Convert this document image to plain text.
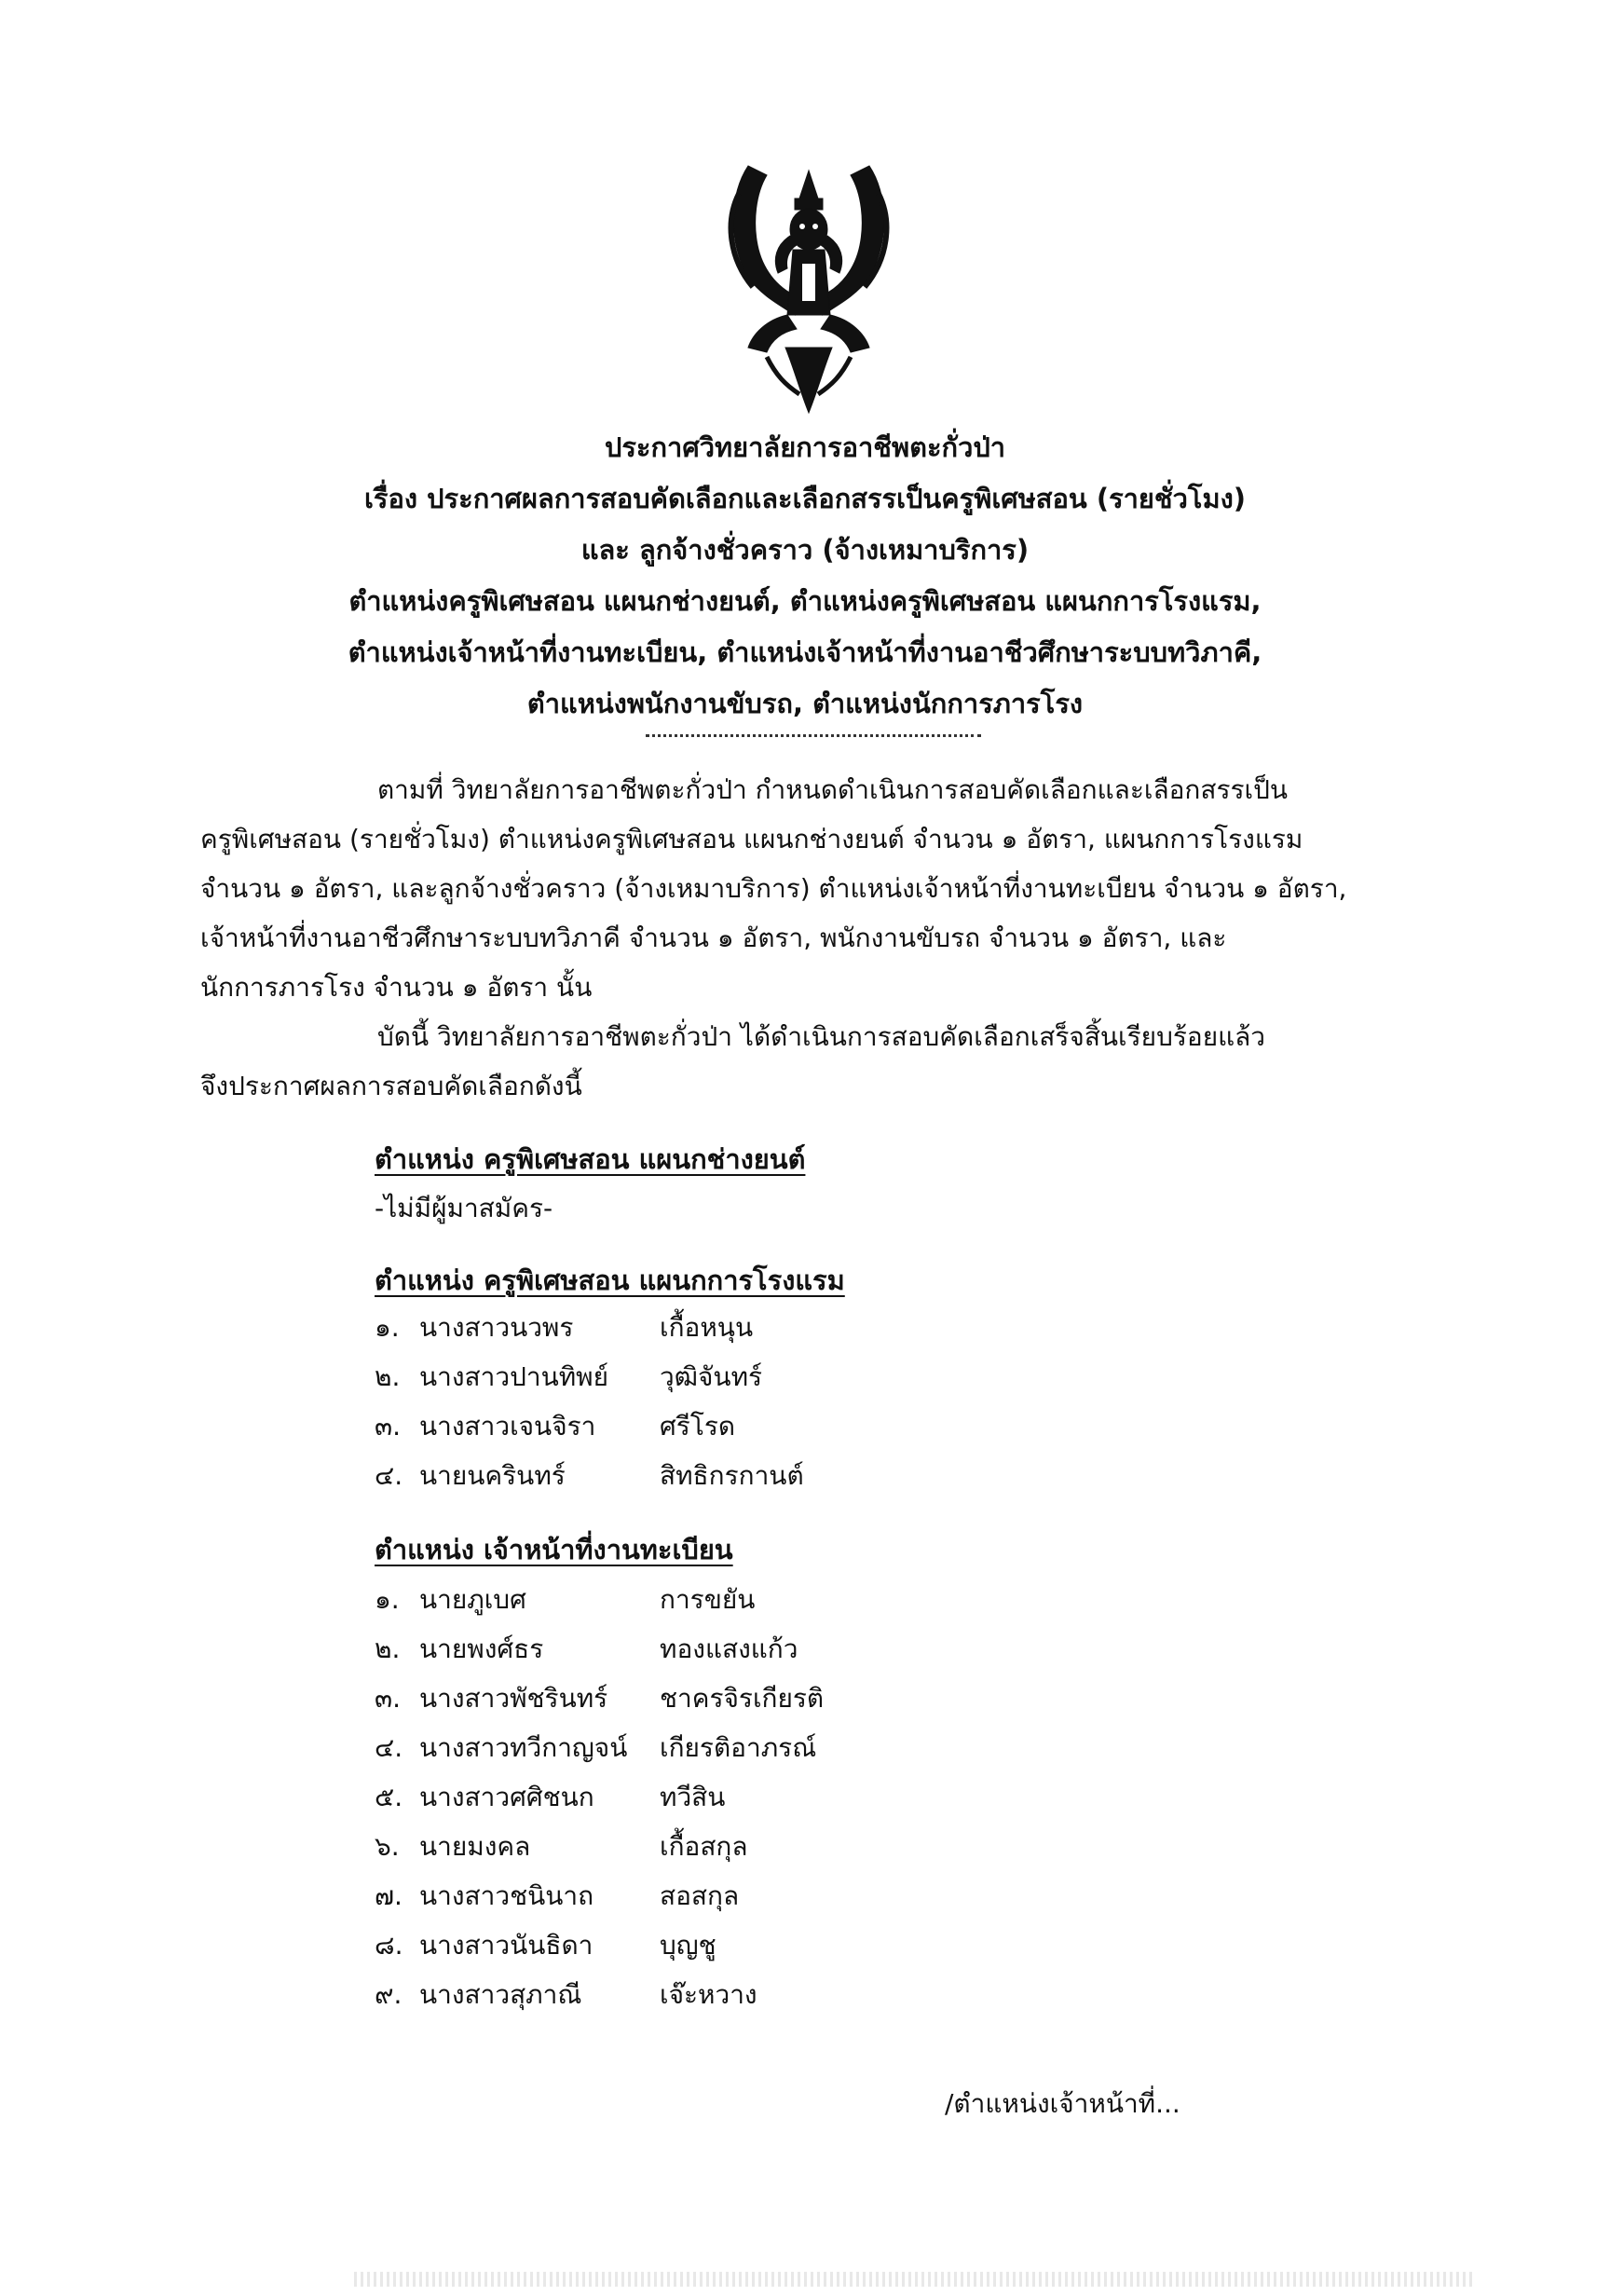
ประกาศวิทยาลัยการอาชีพตะกั่วป่า
เรื่อง ประกาศผลการสอบคัดเลือกและเลือกสรรเป็นครูพิเศษสอน (รายชั่วโมง)
และ ลูกจ้างชั่วคราว (จ้างเหมาบริการ)
ตำแหน่งครูพิเศษสอน แผนกช่างยนต์, ตำแหน่งครูพิเศษสอน แผนกการโรงแรม,
ตำแหน่งเจ้าหน้าที่งานทะเบียน, ตำแหน่งเจ้าหน้าที่งานอาชีวศึกษาระบบทวิภาคี,
ตำแหน่งพนักงานขับรถ, ตำแหน่งนักการภารโรง
ตามที่ วิทยาลัยการอาชีพตะกั่วป่า กำหนดดำเนินการสอบคัดเลือกและเลือกสรรเป็น
ครูพิเศษสอน (รายชั่วโมง) ตำแหน่งครูพิเศษสอน แผนกช่างยนต์ จำนวน ๑ อัตรา, แผนกการโรงแรม
จำนวน ๑ อัตรา, และลูกจ้างชั่วคราว (จ้างเหมาบริการ) ตำแหน่งเจ้าหน้าที่งานทะเบียน จำนวน ๑ อัตรา,
เจ้าหน้าที่งานอาชีวศึกษาระบบทวิภาคี จำนวน ๑ อัตรา, พนักงานขับรถ จำนวน ๑ อัตรา, และ
นักการภารโรง จำนวน ๑ อัตรา นั้น
บัดนี้ วิทยาลัยการอาชีพตะกั่วป่า ได้ดำเนินการสอบคัดเลือกเสร็จสิ้นเรียบร้อยแล้ว
จึงประกาศผลการสอบคัดเลือกดังนี้
ตำแหน่ง ครูพิเศษสอน แผนกช่างยนต์
-ไม่มีผู้มาสมัคร-
ตำแหน่ง ครูพิเศษสอน แผนกการโรงแรม
๑. นางสาวนวพร	เกื้อหนุน
๒. นางสาวปานทิพย์ วุฒิจันทร์
๓. นางสาวเจนจิรา ศรีโรด
๔. นายนครินทร์	สิทธิกรกานต์
ตำแหน่ง เจ้าหน้าที่งานทะเบียน
๑. นายภูเบศ	การขยัน
๒. นายพงศ์ธร	ทองแสงแก้ว
๓. นางสาวพัชรินทร์ ชาครจิรเกียรติ
๔. นางสาวทวีกาญจน์ เกียรติอาภรณ์
๕. นางสาวศศิชนก	ทวีสิน
๖. นายมงคล	เกื้อสกุล
๗. นางสาวชนินาถ	สอสกุล
๘. นางสาวนันธิดา	บุญชู
๙. นางสาวสุภาณี	เจ๊ะหวาง
/ตำแหน่งเจ้าหน้าที่...
